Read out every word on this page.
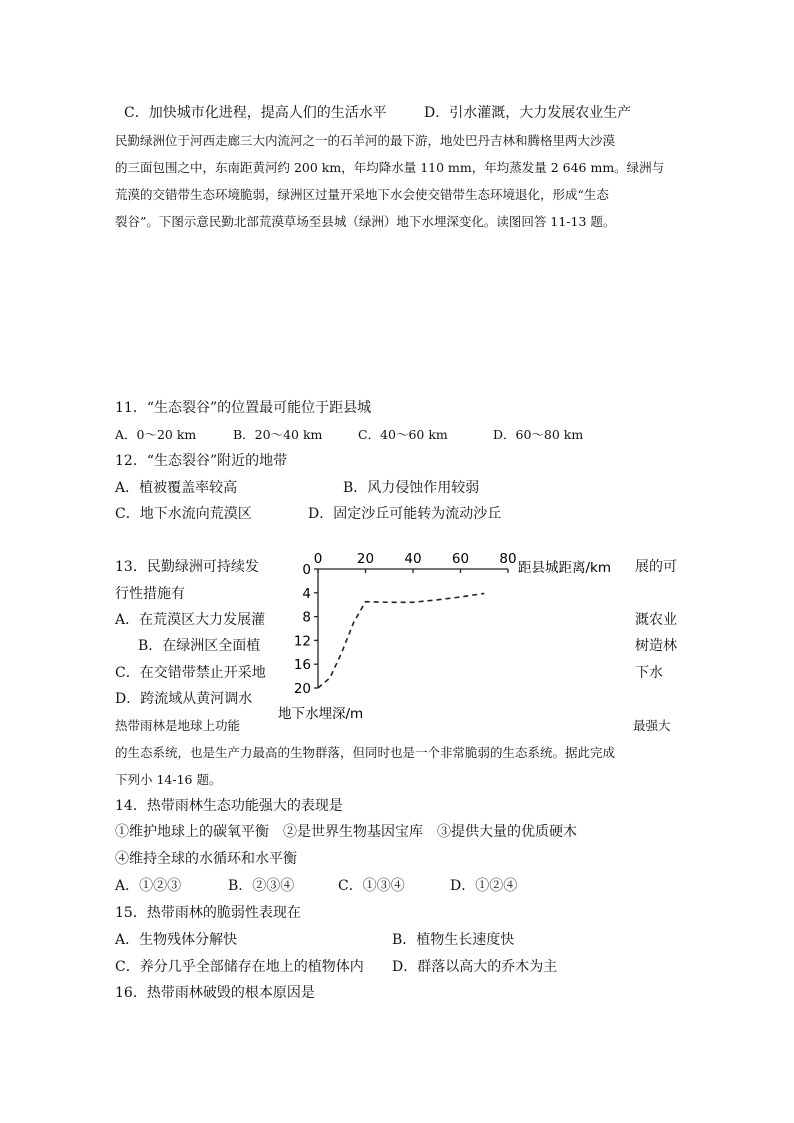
C．加快城市化进程，提高人们的生活水平	D．引水灌溉，大力发展农业生产
民勤绿洲位于河西走廊三大内流河之一的石羊河的最下游，地处巴丹吉林和腾格里两大沙漠
的三面包围之中，东南距黄河约 200 km，年均降水量 110 mm，年均蒸发量 2 646 mm。绿洲与
荒漠的交错带生态环境脆弱，绿洲区过量开采地下水会使交错带生态环境退化，形成“生态
裂谷”。下图示意民勤北部荒漠草场至县城（绿洲）地下水埋深变化。读图回答 11-13 题。
11．“生态裂谷”的位置最可能位于距县城
A．0～20 km	B．20～40 km	C．40～60 km	D．60～80 km
12．“生态裂谷”附近的地带
A．植被覆盖率较高	B．风力侵蚀作用较弱
C．地下水流向荒漠区	D．固定沙丘可能转为流动沙丘
13．民勤绿洲可持续发	展的可
行性措施有
A．在荒漠区大力发展灌	溉农业
B．在绿洲区全面植	树造林
C．在交错带禁止开采地	下水
D．跨流域从黄河调水
0	20 40 60 80
0
4
8
12
16
20
距县城距离/km
地下水埋深/m
热带雨林是地球上功能	最强大
的生态系统，也是生产力最高的生物群落，但同时也是一个非常脆弱的生态系统。据此完成
下列小 14-16 题。
14．热带雨林生态功能强大的表现是
①维护地球上的碳氧平衡　②是世界生物基因宝库　③提供大量的优质硬木
④维持全球的水循环和水平衡
A．①②③	B．②③④	C．①③④	D．①②④
15．热带雨林的脆弱性表现在
A．生物残体分解快	B．植物生长速度快
C．养分几乎全部储存在地上的植物体内 D．群落以高大的乔木为主
16．热带雨林破毁的根本原因是
